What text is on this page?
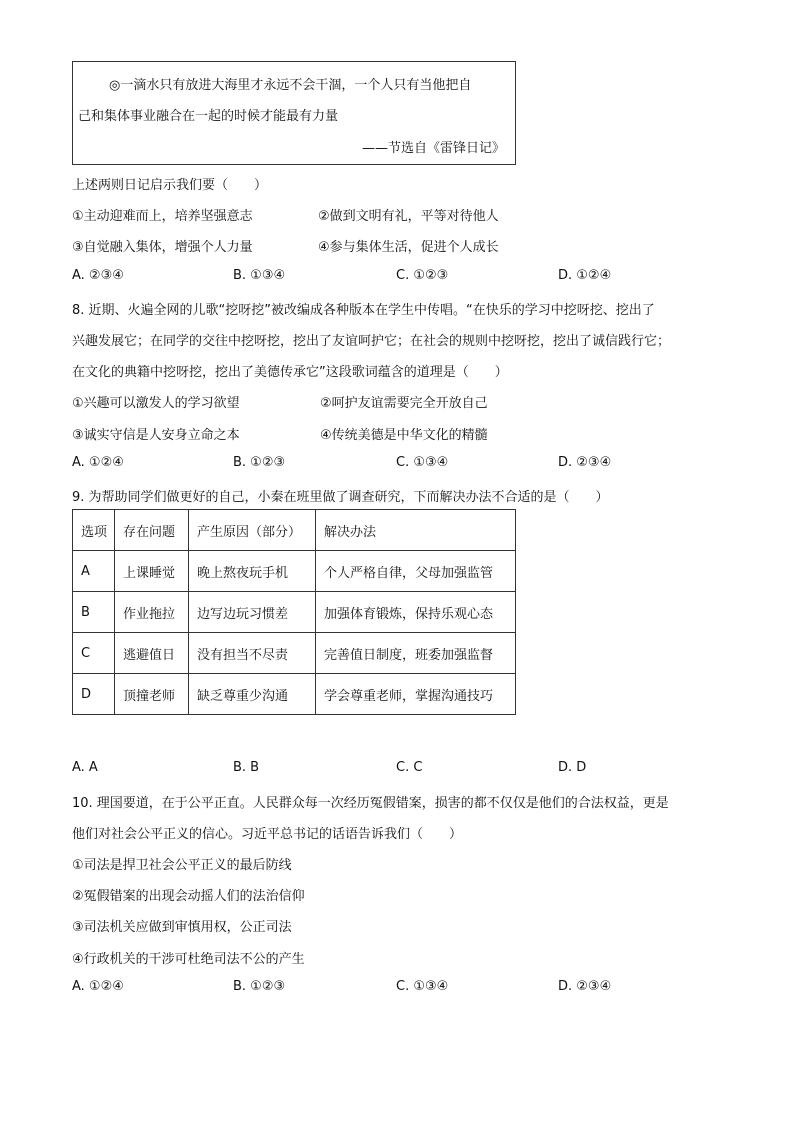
◎一滴水只有放进大海里才永远不会干涸，一个人只有当他把自
己和集体事业融合在一起的时候才能最有力量
——节选自《雷锋日记》
上述两则日记启示我们要（　　）
①主动迎难而上，培养坚强意志	②做到文明有礼，平等对待他人
③自觉融入集体，增强个人力量	④参与集体生活，促进个人成长
A. ②③④	B. ①③④	C. ①②③	D. ①②④
8. 近期、火遍全网的儿歌“挖呀挖”被改编成各种版本在学生中传唱。“在快乐的学习中挖呀挖、挖出了
兴趣发展它；在同学的交往中挖呀挖，挖出了友谊呵护它；在社会的规则中挖呀挖，挖出了诚信践行它；
在文化的典籍中挖呀挖，挖出了美德传承它”这段歌词蕴含的道理是（　　）
①兴趣可以激发人的学习欲望	②呵护友谊需要完全开放自己
③诚实守信是人安身立命之本	④传统美德是中华文化的精髓
A. ①②④	B. ①②③	C. ①③④	D. ②③④
9. 为帮助同学们做更好的自己，小秦在班里做了调查研究，下而解决办法不合适的是（　　）
选项	存在问题	产生原因（部分）	解决办法
A	上课睡觉	晚上熬夜玩手机	个人严格自律，父母加强监管
B	作业拖拉	边写边玩习惯差	加强体育锻炼，保持乐观心态
C	逃避值日	没有担当不尽责	完善值日制度，班委加强监督
D	顶撞老师	缺乏尊重少沟通	学会尊重老师，掌握沟通技巧
A. A	B. B	C. C	D. D
10. 理国要道，在于公平正直。人民群众每一次经历冤假错案，损害的都不仅仅是他们的合法权益，更是
他们对社会公平正义的信心。习近平总书记的话语告诉我们（　　）
①司法是捍卫社会公平正义的最后防线
②冤假错案的出现会动摇人们的法治信仰
③司法机关应做到审慎用权，公正司法
④行政机关的干涉可杜绝司法不公的产生
A. ①②④	B. ①②③	C. ①③④	D. ②③④
